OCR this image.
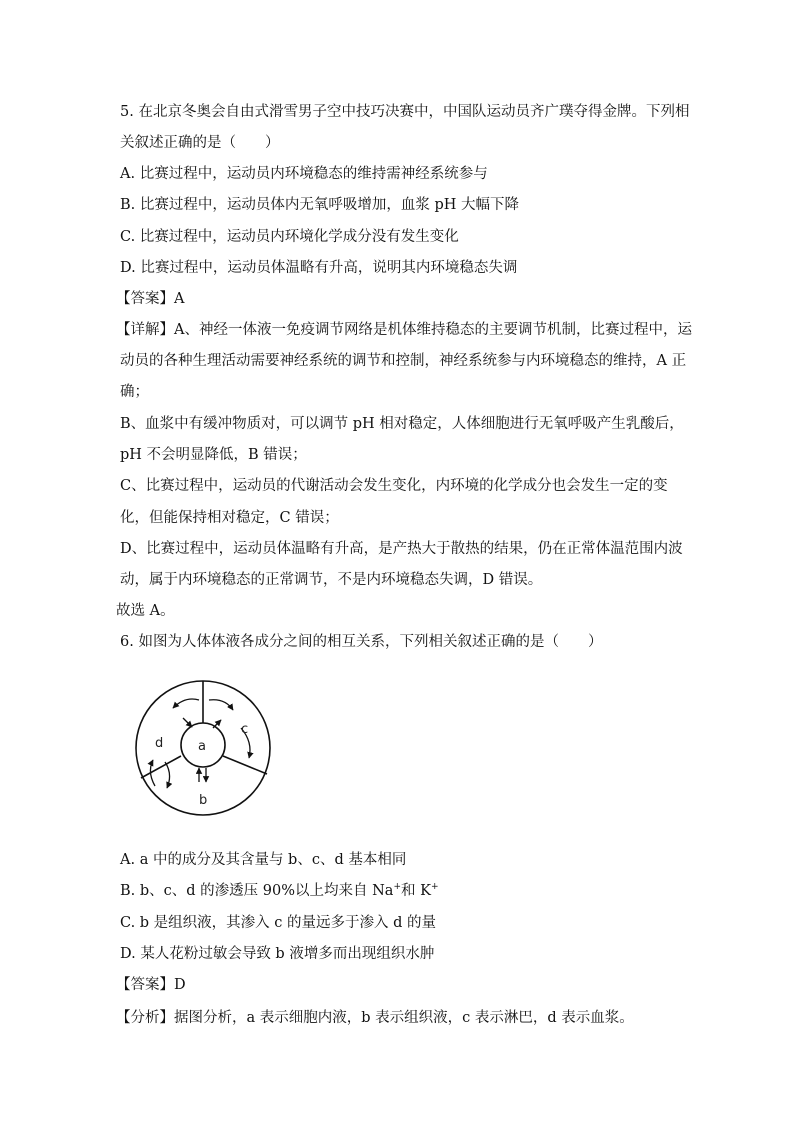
5. 在北京冬奥会自由式滑雪男子空中技巧决赛中，中国队运动员齐广璞夺得金牌。下列相
关叙述正确的是（　　）
A. 比赛过程中，运动员内环境稳态的维持需神经系统参与
B. 比赛过程中，运动员体内无氧呼吸增加，血浆 pH 大幅下降
C. 比赛过程中，运动员内环境化学成分没有发生变化
D. 比赛过程中，运动员体温略有升高，说明其内环境稳态失调
【答案】A
【详解】A、神经一体液一免疫调节网络是机体维持稳态的主要调节机制，比赛过程中，运
动员的各种生理活动需要神经系统的调节和控制，神经系统参与内环境稳态的维持，A 正
确；
B、血浆中有缓冲物质对，可以调节 pH 相对稳定，人体细胞进行无氧呼吸产生乳酸后，
pH 不会明显降低，B 错误；
C、比赛过程中，运动员的代谢活动会发生变化，内环境的化学成分也会发生一定的变
化，但能保持相对稳定，C 错误；
D、比赛过程中，运动员体温略有升高，是产热大于散热的结果，仍在正常体温范围内波
动，属于内环境稳态的正常调节，不是内环境稳态失调，D 错误。
故选 A。
6. 如图为人体体液各成分之间的相互关系，下列相关叙述正确的是（　　）
a
b
c
d
A. a 中的成分及其含量与 b、c、d 基本相同
B. b、c、d 的渗透压 90%以上均来自 Na+和 K+
C. b 是组织液，其渗入 c 的量远多于渗入 d 的量
D. 某人花粉过敏会导致 b 液增多而出现组织水肿
【答案】D
【分析】据图分析，a 表示细胞内液，b 表示组织液，c 表示淋巴，d 表示血浆。
